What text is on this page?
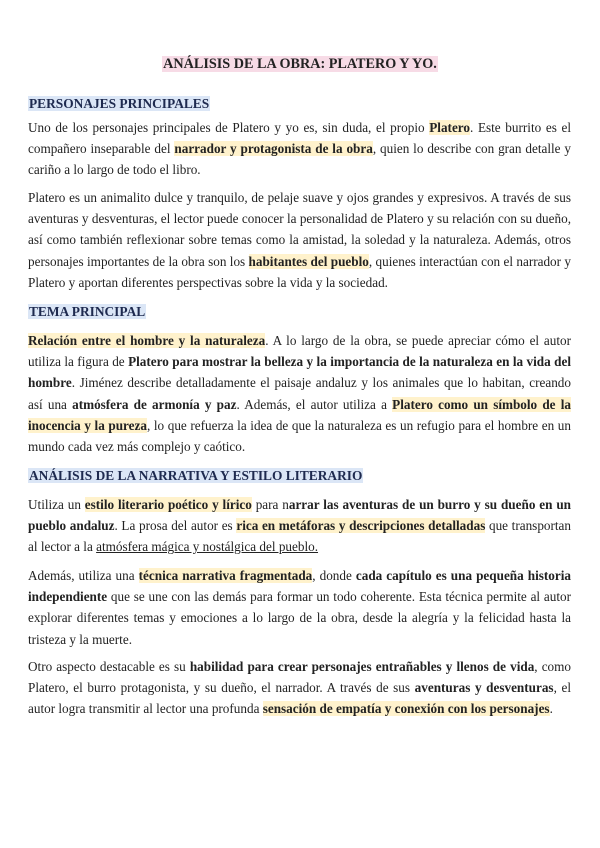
ANÁLISIS DE LA OBRA: PLATERO Y YO.
PERSONAJES PRINCIPALES

Uno de los personajes principales de Platero y yo es, sin duda, el propio Platero. Este burrito es el compañero inseparable del narrador y protagonista de la obra, quien lo describe con gran detalle y cariño a lo largo de todo el libro.

Platero es un animalito dulce y tranquilo, de pelaje suave y ojos grandes y expresivos. A través de sus aventuras y desventuras, el lector puede conocer la personalidad de Platero y su relación con su dueño, así como también reflexionar sobre temas como la amistad, la soledad y la naturaleza. Además, otros personajes importantes de la obra son los habitantes del pueblo, quienes interactúan con el narrador y Platero y aportan diferentes perspectivas sobre la vida y la sociedad.

TEMA PRINCIPAL

Relación entre el hombre y la naturaleza. A lo largo de la obra, se puede apreciar cómo el autor utiliza la figura de Platero para mostrar la belleza y la importancia de la naturaleza en la vida del hombre. Jiménez describe detalladamente el paisaje andaluz y los animales que lo habitan, creando así una atmósfera de armonía y paz. Además, el autor utiliza a Platero como un símbolo de la inocencia y la pureza, lo que refuerza la idea de que la naturaleza es un refugio para el hombre en un mundo cada vez más complejo y caótico.

ANÁLISIS DE LA NARRATIVA Y ESTILO LITERARIO

Utiliza un estilo literario poético y lírico para narrar las aventuras de un burro y su dueño en un pueblo andaluz. La prosa del autor es rica en metáforas y descripciones detalladas que transportan al lector a la atmósfera mágica y nostálgica del pueblo.

Además, utiliza una técnica narrativa fragmentada, donde cada capítulo es una pequeña historia independiente que se une con las demás para formar un todo coherente. Esta técnica permite al autor explorar diferentes temas y emociones a lo largo de la obra, desde la alegría y la felicidad hasta la tristeza y la muerte.

Otro aspecto destacable es su habilidad para crear personajes entrañables y llenos de vida, como Platero, el burro protagonista, y su dueño, el narrador. A través de sus aventuras y desventuras, el autor logra transmitir al lector una profunda sensación de empatía y conexión con los personajes.
